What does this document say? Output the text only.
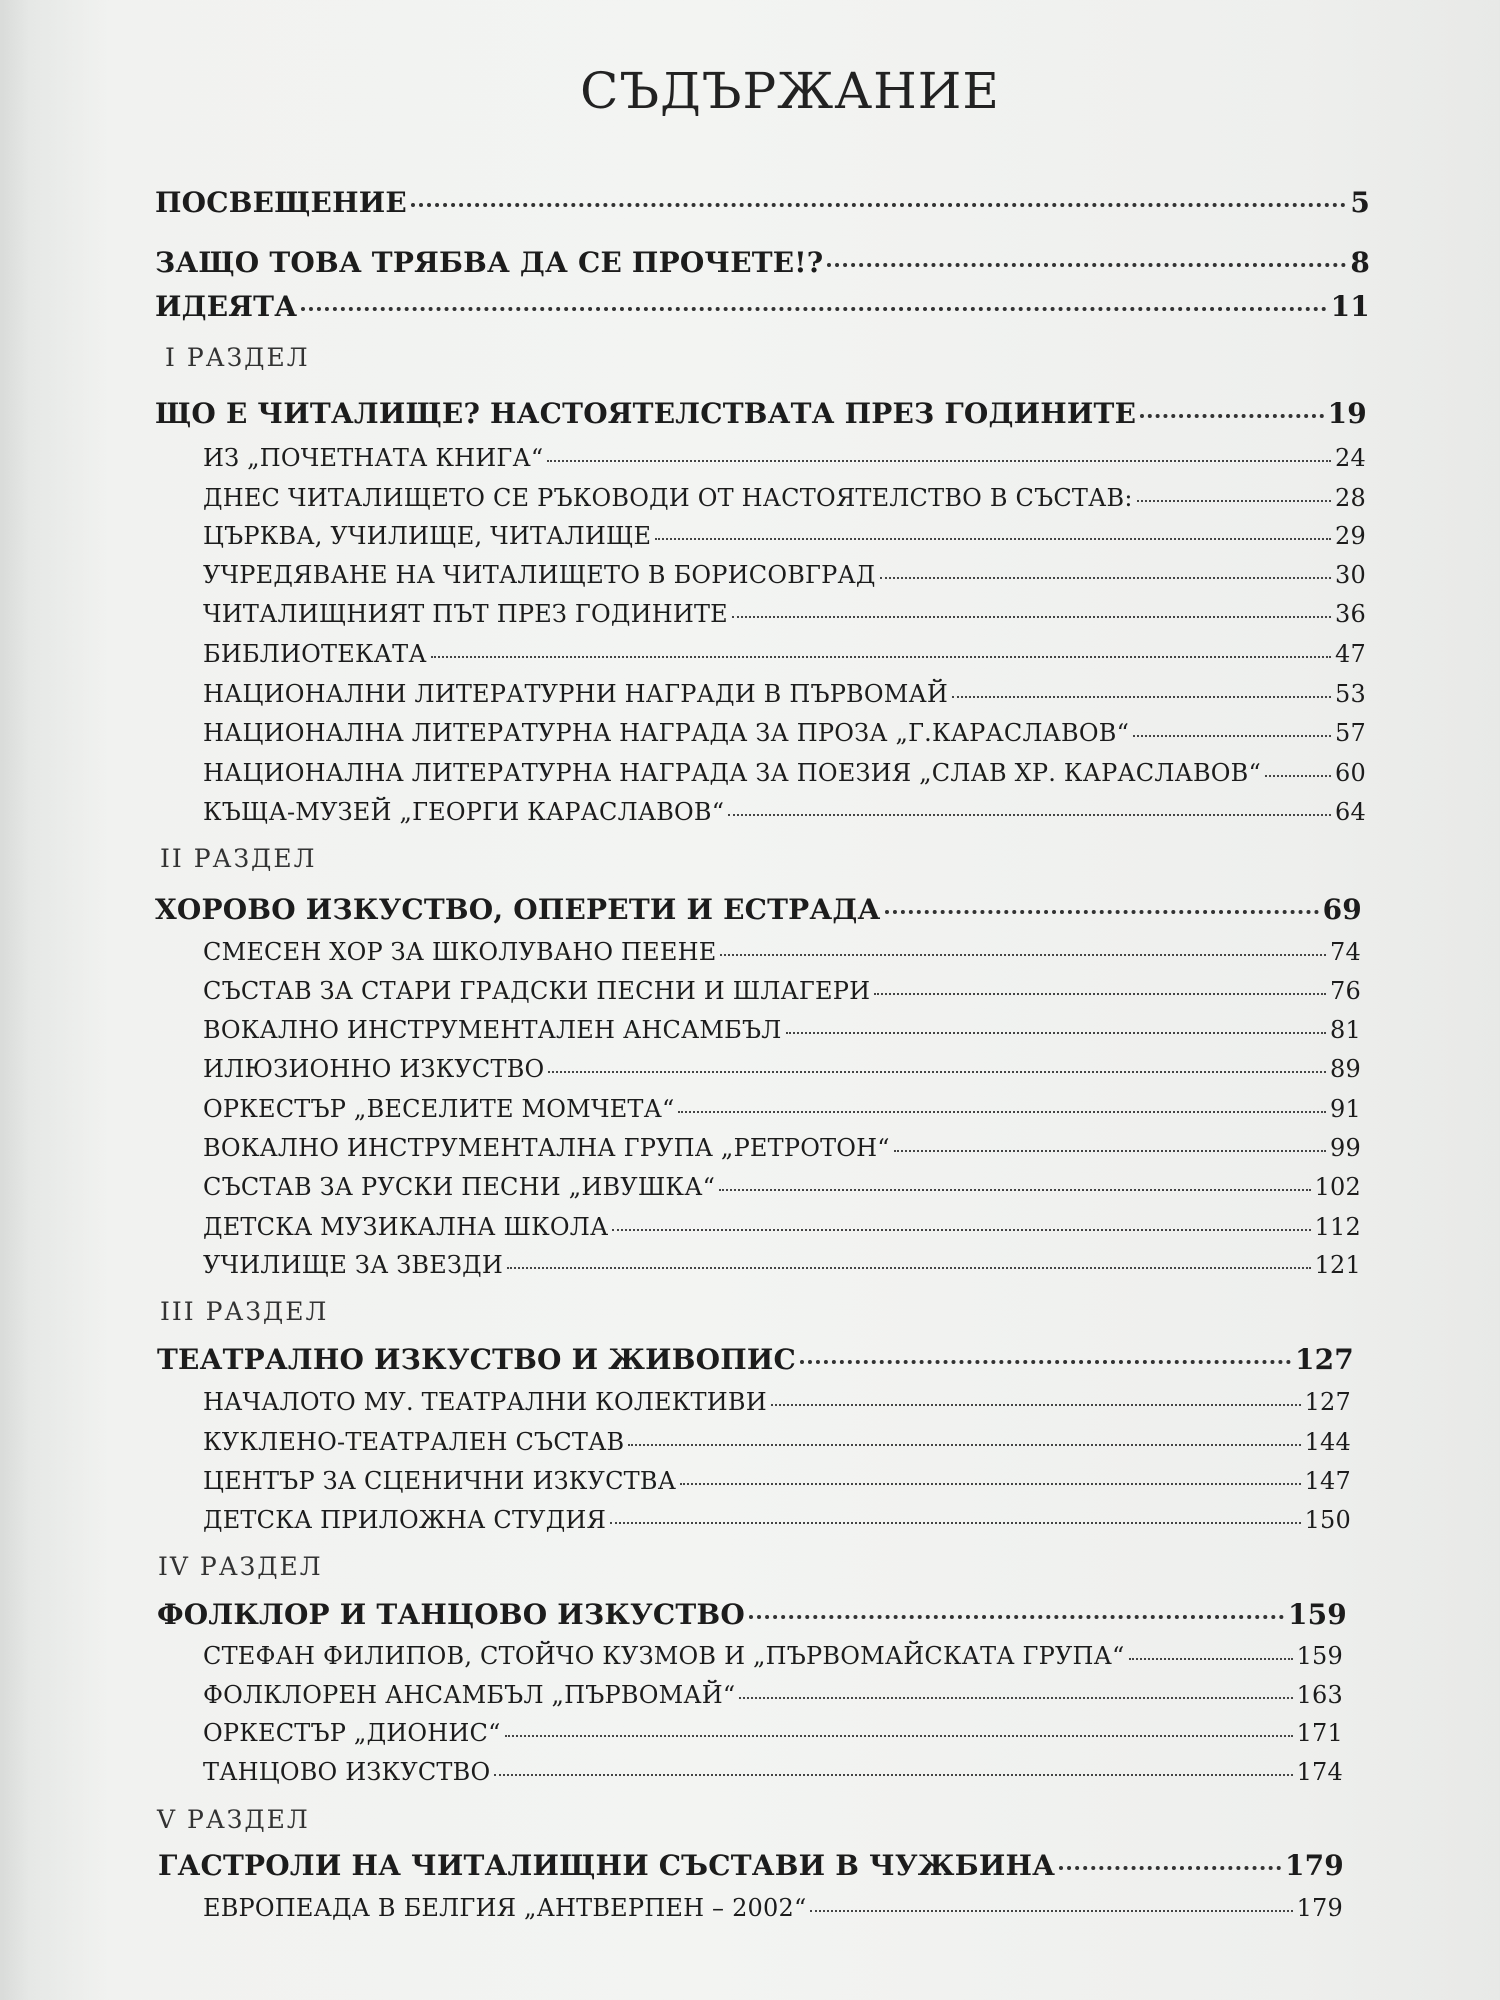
СЪДЪРЖАНИЕ
ПОСВЕЩЕНИЕ	5
ЗАЩО ТОВА ТРЯБВА ДА СЕ ПРОЧЕТЕ!?	8
ИДЕЯТА	11
I РАЗДЕЛ
ЩО Е ЧИТАЛИЩЕ? НАСТОЯТЕЛСТВАТА ПРЕЗ ГОДИНИТЕ	19
ИЗ „ПОЧЕТНАТА КНИГА“	24
ДНЕС ЧИТАЛИЩЕТО СЕ РЪКОВОДИ ОТ НАСТОЯТЕЛСТВО В СЪСТАВ:	28
ЦЪРКВА, УЧИЛИЩЕ, ЧИТАЛИЩЕ	29
УЧРЕДЯВАНЕ НА ЧИТАЛИЩЕТО В БОРИСОВГРАД	30
ЧИТАЛИЩНИЯТ ПЪТ ПРЕЗ ГОДИНИТЕ	36
БИБЛИОТЕКАТА	47
НАЦИОНАЛНИ ЛИТЕРАТУРНИ НАГРАДИ В ПЪРВОМАЙ	53
НАЦИОНАЛНА ЛИТЕРАТУРНА НАГРАДА ЗА ПРОЗА „Г.КАРАСЛАВОВ“	57
НАЦИОНАЛНА ЛИТЕРАТУРНА НАГРАДА ЗА ПОЕЗИЯ „СЛАВ ХР. КАРАСЛАВОВ“	60
КЪЩА-МУЗЕЙ „ГЕОРГИ КАРАСЛАВОВ“	64
II РАЗДЕЛ
ХОРОВО ИЗКУСТВО, ОПЕРЕТИ И ЕСТРАДА	69
СМЕСЕН ХОР ЗА ШКОЛУВАНО ПЕЕНЕ	74
СЪСТАВ ЗА СТАРИ ГРАДСКИ ПЕСНИ И ШЛАГЕРИ	76
ВОКАЛНО ИНСТРУМЕНТАЛЕН АНСАМБЪЛ	81
ИЛЮЗИОННО ИЗКУСТВО	89
ОРКЕСТЪР „ВЕСЕЛИТЕ МОМЧЕТА“	91
ВОКАЛНО ИНСТРУМЕНТАЛНА ГРУПА „РЕТРОТОН“	99
СЪСТАВ ЗА РУСКИ ПЕСНИ „ИВУШКА“	102
ДЕТСКА МУЗИКАЛНА ШКОЛА	112
УЧИЛИЩЕ ЗА ЗВЕЗДИ	121
III РАЗДЕЛ
ТЕАТРАЛНО ИЗКУСТВО И ЖИВОПИС	127
НАЧАЛОТО МУ. ТЕАТРАЛНИ КОЛЕКТИВИ	127
КУКЛЕНО-ТЕАТРАЛЕН СЪСТАВ	144
ЦЕНТЪР ЗА СЦЕНИЧНИ ИЗКУСТВА	147
ДЕТСКА ПРИЛОЖНА СТУДИЯ	150
IV РАЗДЕЛ
ФОЛКЛОР И ТАНЦОВО ИЗКУСТВО	159
СТЕФАН ФИЛИПОВ, СТОЙЧО КУЗМОВ И „ПЪРВОМАЙСКАТА ГРУПА“	159
ФОЛКЛОРЕН АНСАМБЪЛ „ПЪРВОМАЙ“	163
ОРКЕСТЪР „ДИОНИС“	171
ТАНЦОВО ИЗКУСТВО	174
V РАЗДЕЛ
ГАСТРОЛИ НА ЧИТАЛИЩНИ СЪСТАВИ В ЧУЖБИНА	179
ЕВРОПЕАДА В БЕЛГИЯ „АНТВЕРПЕН – 2002“	179
